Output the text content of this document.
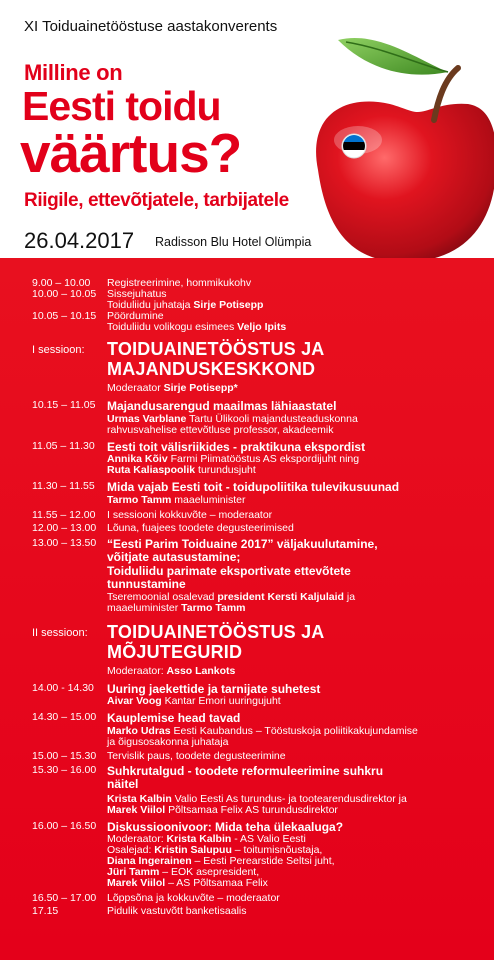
XI Toiduainetööstuse aastakonverents
Milline on
Eesti toidu
väärtus?
Riigile, ettevõtjatele, tarbijatele
26.04.2017 Radisson Blu Hotel Olümpia
9.00 – 10.00	Registreerimine, hommikukohv
10.00 – 10.05	Sissejuhatus
Toiduliidu juhataja Sirje Potisepp
10.05 – 10.15	Pöördumine
Toiduliidu volikogu esimees Veljo Ipits
I sessioon:	TOIDUAINETÖÖSTUS JA
MAJANDUSKESKKOND
Moderaator Sirje Potisepp*
10.15 – 11.05 Majandusarengud maailmas lähiaastatel
Urmas Varblane Tartu Ülikooli majandusteaduskonna
rahvusvahelise ettevõtluse professor, akadeemik
11.05 – 11.30	Eesti toit välisriikides - praktikuna ekspordist
Annika Kõiv Farmi Piimatööstus AS ekspordijuht ning
Ruta Kaliaspoolik turundusjuht
11.30 – 11.55	Mida vajab Eesti toit - toidupoliitika tulevikusuunad
Tarmo Tamm maaeluminister
11.55 – 12.00	I sessiooni kokkuvõte – moderaator
12.00 – 13.00	Lõuna, fuajees toodete degusteerimised
13.00 – 13.50 “Eesti Parim Toiduaine 2017” väljakuulutamine,
võitjate autasustamine;
Toiduliidu parimate eksportivate ettevõtete
tunnustamine
Tseremoonial osalevad president Kersti Kaljulaid ja
maaeluminister Tarmo Tamm
II sessioon:	TOIDUAINETÖÖSTUS JA
MÕJUTEGURID
Moderaator: Asso Lankots
14.00 - 14.30	Uuring jaekettide ja tarnijate suhetest
Aivar Voog Kantar Emori uuringujuht
14.30 – 15.00 Kauplemise head tavad
Marko Udras Eesti Kaubandus – Tööstuskoja poliitikakujundamise
ja õigusosakonna juhataja
15.00 – 15.30	Tervislik paus, toodete degusteerimine
15.30 – 16.00 Suhkrutalgud - toodete reformuleerimine suhkru
näitel
Krista Kalbin Valio Eesti As turundus- ja tootearendusdirektor ja
Marek Viilol Põltsamaa Felix AS turundusdirektor
16.00 – 16.50 Diskussioonivoor: Mida teha ülekaaluga?
Moderaator: Krista Kalbin - AS Valio Eesti
Osalejad: Kristin Salupuu – toitumisnõustaja,
Diana Ingerainen – Eesti Perearstide Seltsi juht,
Jüri Tamm – EOK asepresident,
Marek Viilol – AS Põltsamaa Felix
16.50 – 17.00	Lõppsõna ja kokkuvõte – moderaator
17.15	Pidulik vastuvõtt banketisaalis
